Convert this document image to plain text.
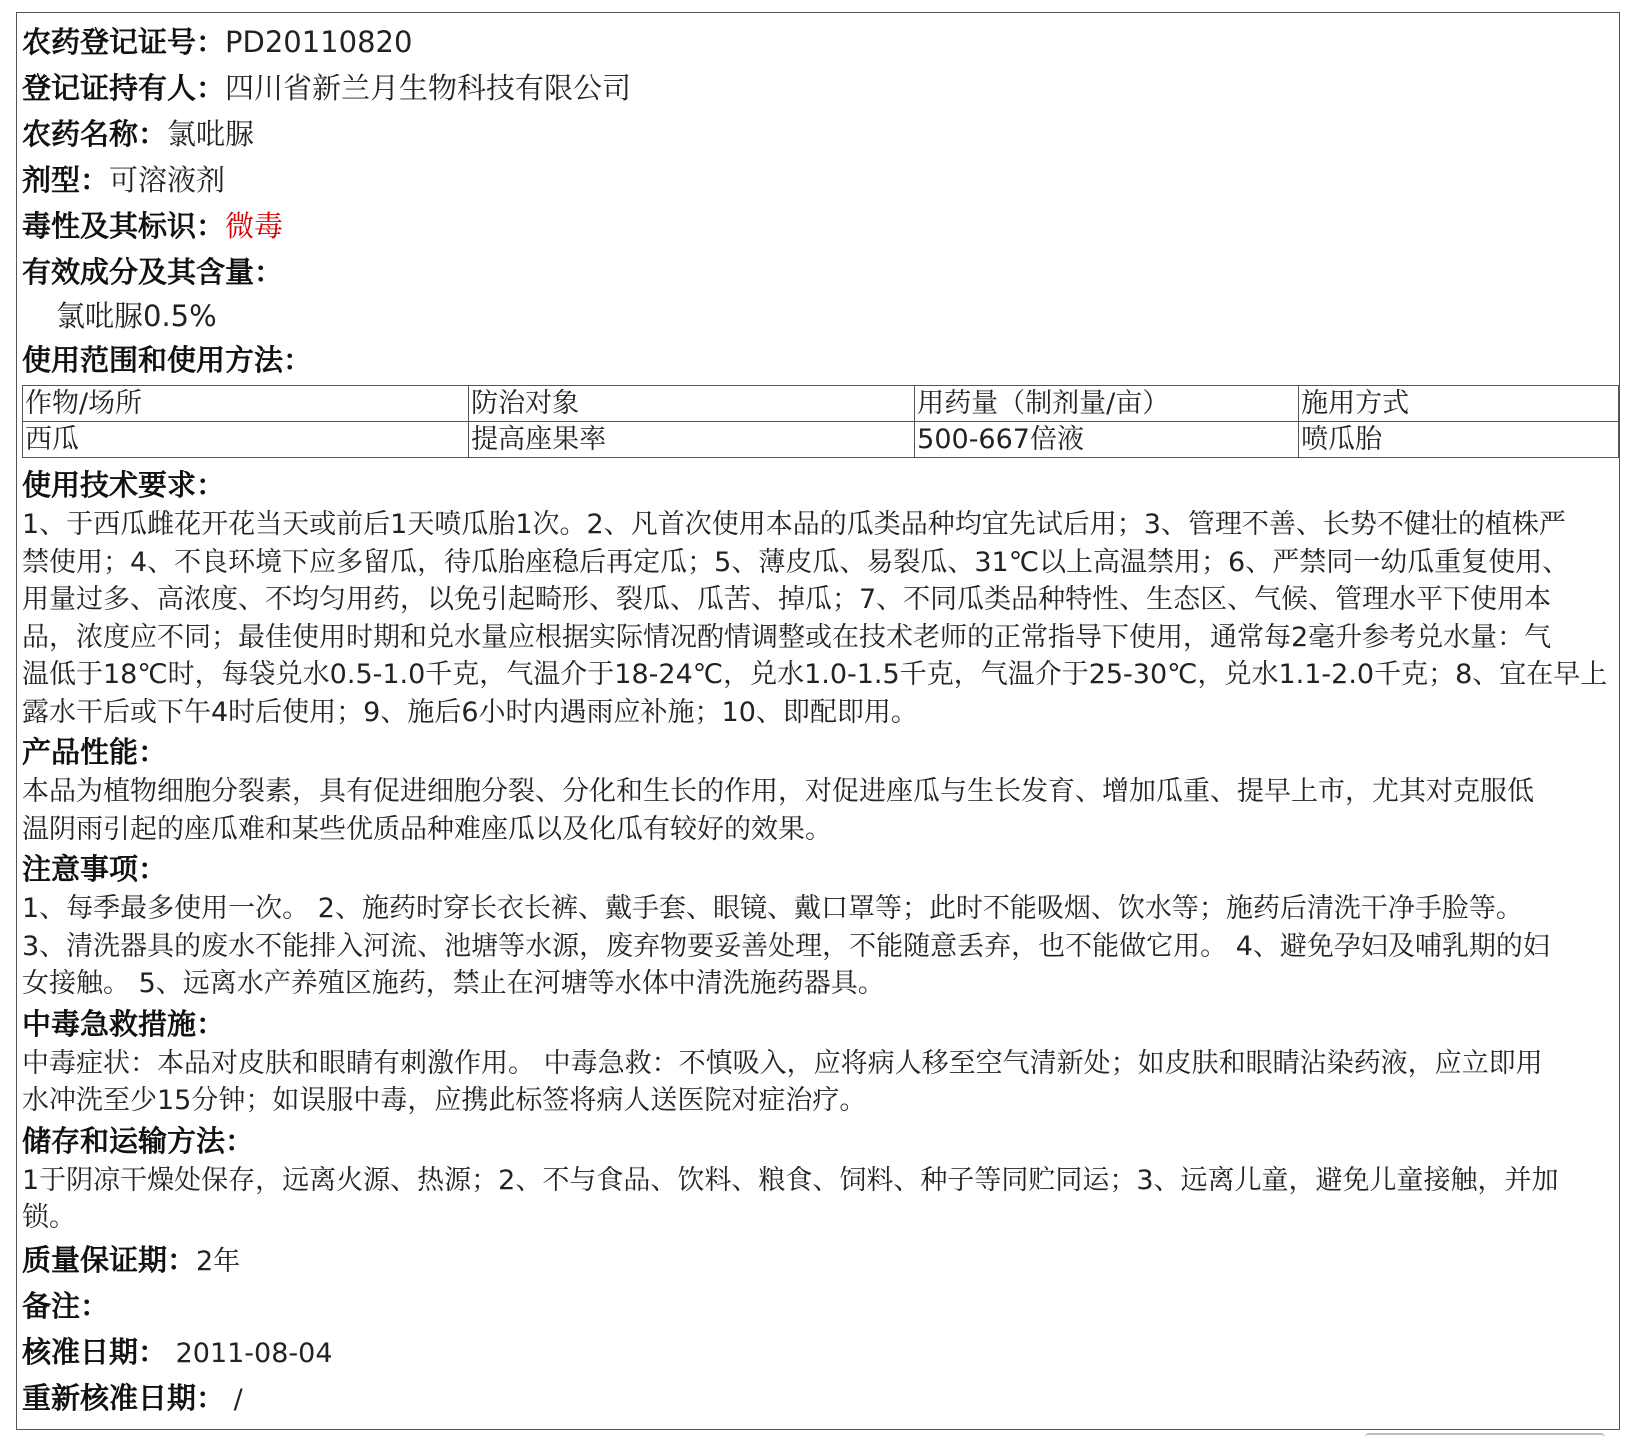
农药登记证号：PD20110820
登记证持有人：四川省新兰月生物科技有限公司
农药名称：氯吡脲
剂型：可溶液剂
毒性及其标识：微毒
有效成分及其含量：
氯吡脲0.5%
使用范围和使用方法：
作物/场所	防治对象	用药量（制剂量/亩）	施用方式
西瓜	提高座果率	500-667倍液	喷瓜胎
使用技术要求：

1、于西瓜雌花开花当天或前后1天喷瓜胎1次。2、凡首次使用本品的瓜类品种均宜先试后用；3、管理不善、长势不健壮的植株严

禁使用；4、不良环境下应多留瓜，待瓜胎座稳后再定瓜；5、薄皮瓜、易裂瓜、31℃以上高温禁用；6、严禁同一幼瓜重复使用、

用量过多、高浓度、不均匀用药，以免引起畸形、裂瓜、瓜苦、掉瓜；7、不同瓜类品种特性、生态区、气候、管理水平下使用本

品，浓度应不同；最佳使用时期和兑水量应根据实际情况酌情调整或在技术老师的正常指导下使用，通常每2毫升参考兑水量：气

温低于18℃时，每袋兑水0.5-1.0千克，气温介于18-24℃，兑水1.0-1.5千克，气温介于25-30℃，兑水1.1-2.0千克；8、宜在早上

露水干后或下午4时后使用；9、施后6小时内遇雨应补施；10、即配即用。

产品性能：

本品为植物细胞分裂素，具有促进细胞分裂、分化和生长的作用，对促进座瓜与生长发育、增加瓜重、提早上市，尤其对克服低

温阴雨引起的座瓜难和某些优质品种难座瓜以及化瓜有较好的效果。

注意事项：

1、每季最多使用一次。 2、施药时穿长衣长裤、戴手套、眼镜、戴口罩等；此时不能吸烟、饮水等；施药后清洗干净手脸等。

3、清洗器具的废水不能排入河流、池塘等水源，废弃物要妥善处理，不能随意丢弃，也不能做它用。 4、避免孕妇及哺乳期的妇

女接触。 5、远离水产养殖区施药，禁止在河塘等水体中清洗施药器具。

中毒急救措施：

中毒症状：本品对皮肤和眼睛有刺激作用。 中毒急救：不慎吸入，应将病人移至空气清新处；如皮肤和眼睛沾染药液，应立即用

水冲洗至少15分钟；如误服中毒，应携此标签将病人送医院对症治疗。

储存和运输方法：

1于阴凉干燥处保存，远离火源、热源；2、不与食品、饮料、粮食、饲料、种子等同贮同运；3、远离儿童，避免儿童接触，并加

锁。

质量保证期：2年
备注：
核准日期： 2011-08-04
重新核准日期： /
